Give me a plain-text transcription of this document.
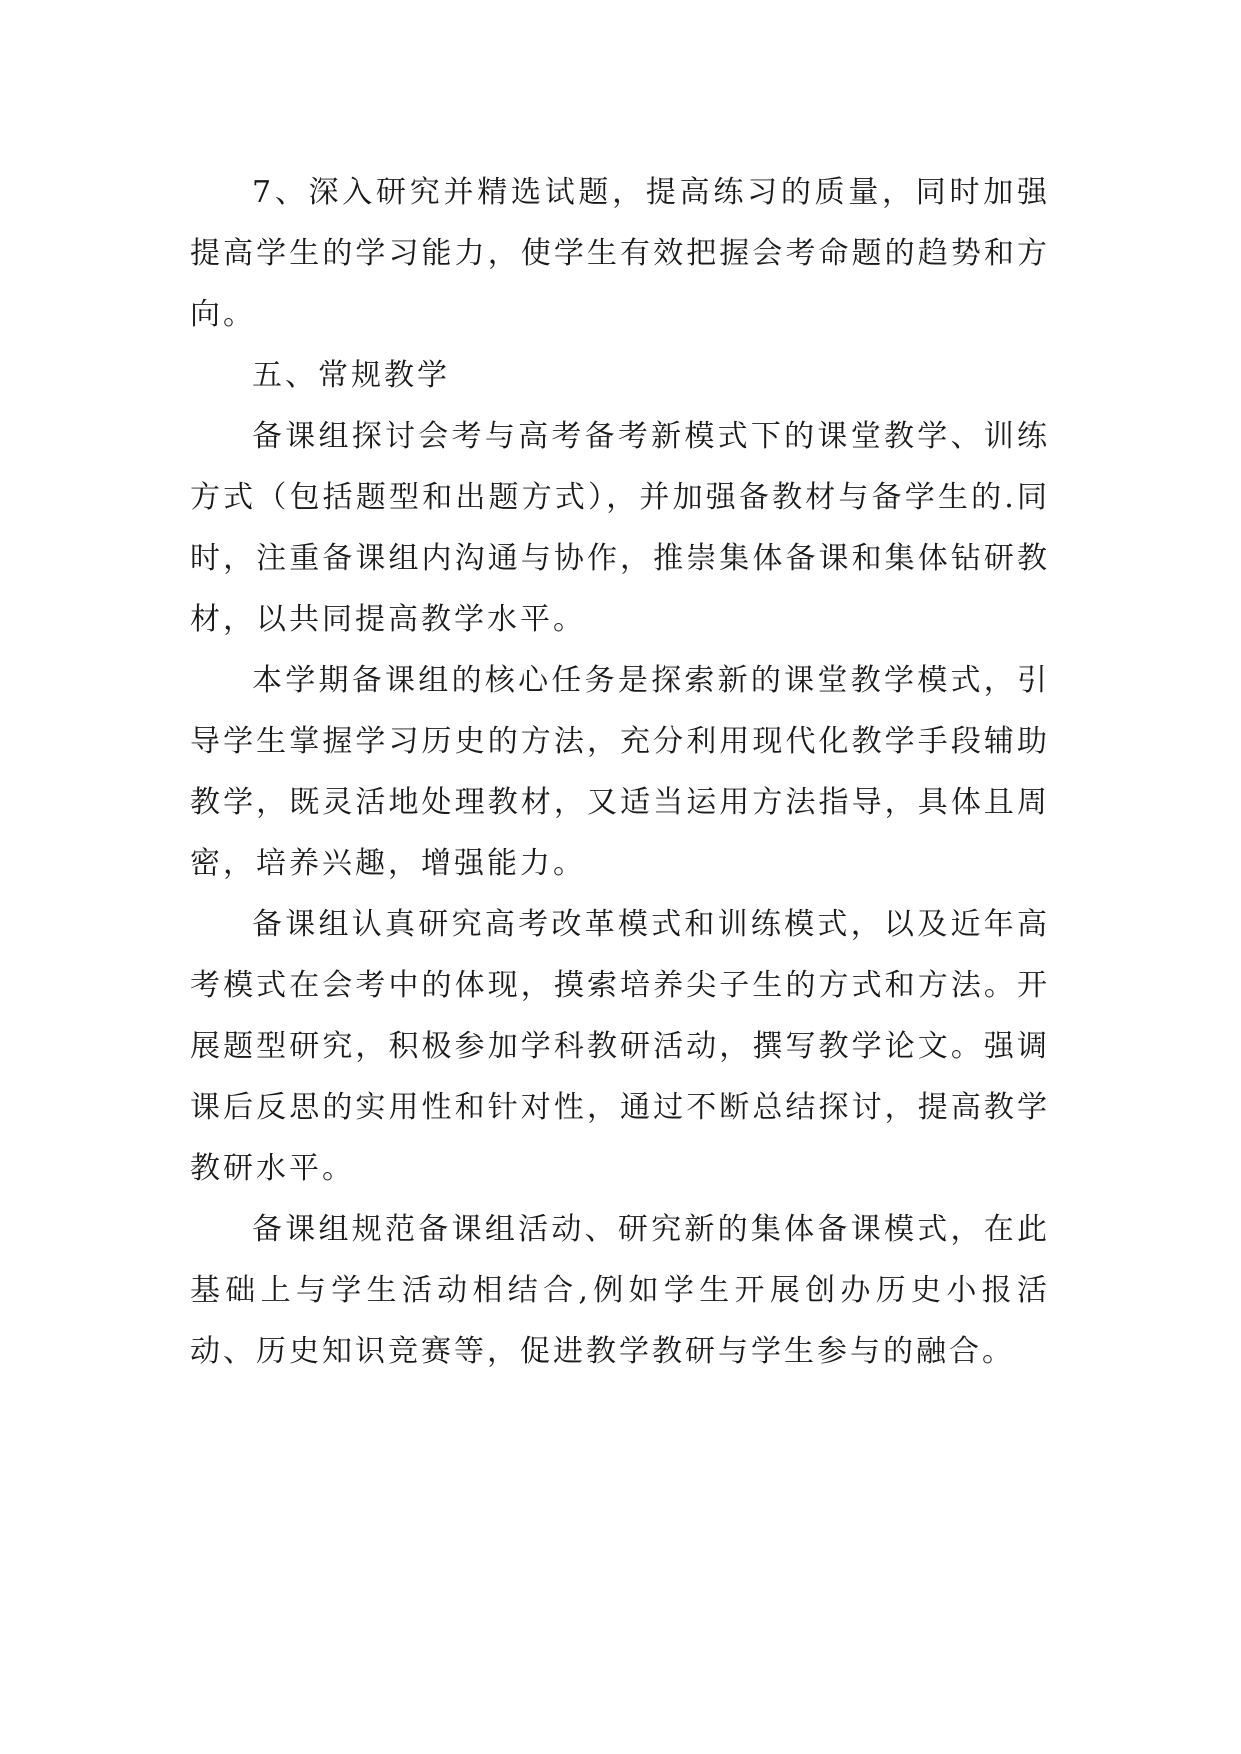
7、深入研究并精选试题，提高练习的质量，同时加强提高学生的学习能力，使学生有效把握会考命题的趋势和方向。

五、常规教学

备课组探讨会考与高考备考新模式下的课堂教学、训练方式（包括题型和出题方式），并加强备教材与备学生的.同时，注重备课组内沟通与协作，推崇集体备课和集体钻研教材，以共同提高教学水平。

本学期备课组的核心任务是探索新的课堂教学模式，引导学生掌握学习历史的方法，充分利用现代化教学手段辅助教学，既灵活地处理教材，又适当运用方法指导，具体且周密，培养兴趣，增强能力。

备课组认真研究高考改革模式和训练模式，以及近年高考模式在会考中的体现，摸索培养尖子生的方式和方法。开展题型研究，积极参加学科教研活动，撰写教学论文。强调课后反思的实用性和针对性，通过不断总结探讨，提高教学教研水平。

备课组规范备课组活动、研究新的集体备课模式，在此基础上与学生活动相结合,例如学生开展创办历史小报活动、历史知识竞赛等，促进教学教研与学生参与的融合。
